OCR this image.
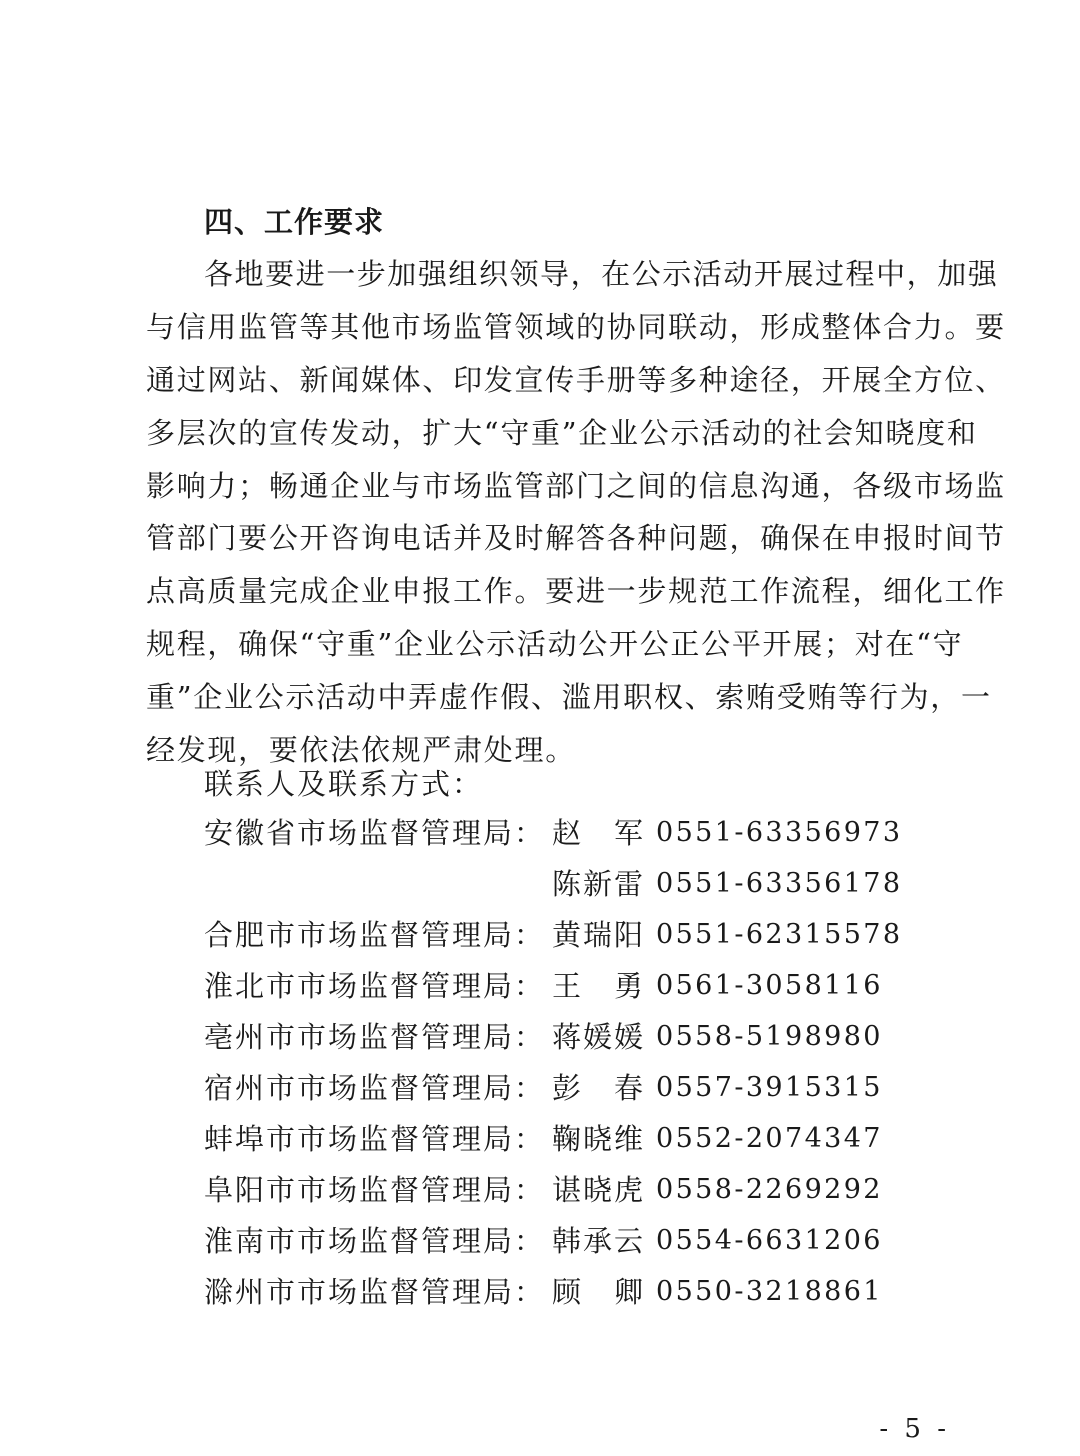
四、工作要求
各地要进一步加强组织领导，在公示活动开展过程中，加强
与信用监管等其他市场监管领域的协同联动，形成整体合力。要
通过网站、新闻媒体、印发宣传手册等多种途径，开展全方位、
多层次的宣传发动，扩大“守重”企业公示活动的社会知晓度和
影响力；畅通企业与市场监管部门之间的信息沟通，各级市场监
管部门要公开咨询电话并及时解答各种问题，确保在申报时间节
点高质量完成企业申报工作。要进一步规范工作流程，细化工作
规程，确保“守重”企业公示活动公开公正公平开展；对在“守
重”企业公示活动中弄虚作假、滥用职权、索贿受贿等行为，一
经发现，要依法依规严肃处理。
联系人及联系方式：
安徽省市场监督管理局： 赵　军 0551-63356973
陈新雷 0551-63356178
合肥市市场监督管理局： 黄瑞阳 0551-62315578
淮北市市场监督管理局： 王　勇 0561-3058116
亳州市市场监督管理局： 蒋媛媛 0558-5198980
宿州市市场监督管理局： 彭　春 0557-3915315
蚌埠市市场监督管理局： 鞠晓维 0552-2074347
阜阳市市场监督管理局： 谌晓虎 0558-2269292
淮南市市场监督管理局： 韩承云 0554-6631206
滁州市市场监督管理局： 顾　卿 0550-3218861
- 5 -
